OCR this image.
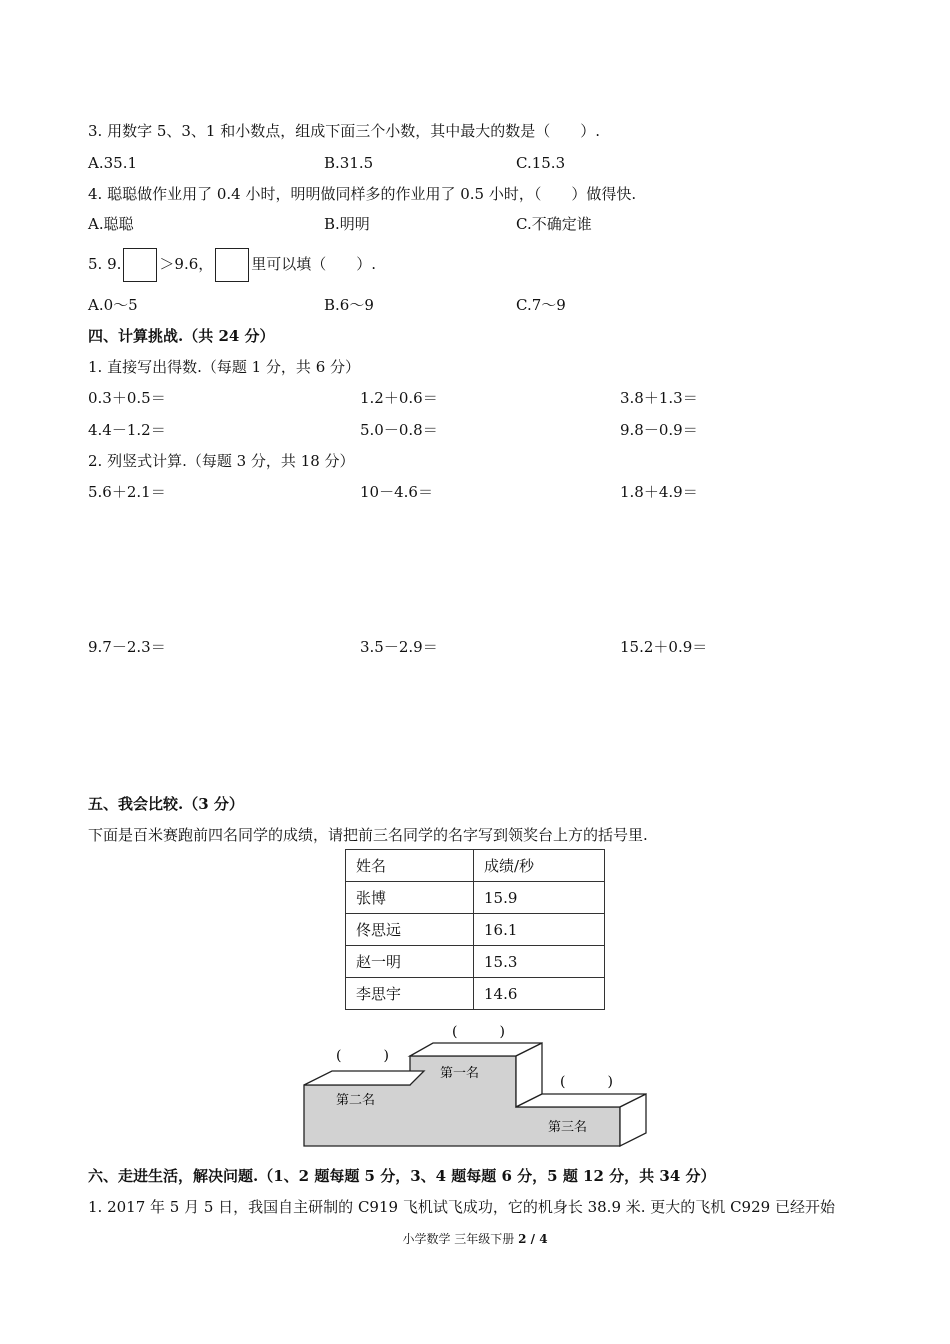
3. 用数字 5、3、1 和小数点，组成下面三个小数，其中最大的数是（　　）.
A.35.1	B.31.5	C.15.3
4. 聪聪做作业用了 0.4 小时，明明做同样多的作业用了 0.5 小时，（　　）做得快.
A.聪聪	B.明明	C.不确定谁
5. 9.	＞9.6，	里可以填（　　）.
A.0～5	B.6～9	C.7～9
四、计算挑战.（共 24 分）
1. 直接写出得数.（每题 1 分，共 6 分）
0.3＋0.5＝	1.2＋0.6＝	3.8＋1.3＝
4.4－1.2＝	5.0－0.8＝	9.8－0.9＝
2. 列竖式计算.（每题 3 分，共 18 分）
5.6＋2.1＝	10－4.6＝	1.8＋4.9＝
9.7－2.3＝	3.5－2.9＝	15.2＋0.9＝
五、我会比较.（3 分）
下面是百米赛跑前四名同学的成绩，请把前三名同学的名字写到领奖台上方的括号里.
姓名	成绩/秒
张博	15.9
佟思远	16.1
赵一明	15.3
李思宇	14.6
第一名
第二名
第三名
(　　　)
(　　　)
(　　　)
六、走进生活，解决问题.（1、2 题每题 5 分，3、4 题每题 6 分，5 题 12 分，共 34 分）
1. 2017 年 5 月 5 日，我国自主研制的 C919 飞机试飞成功，它的机身长 38.9 米. 更大的飞机 C929 已经开始
小学数学 三年级下册 2 / 4
